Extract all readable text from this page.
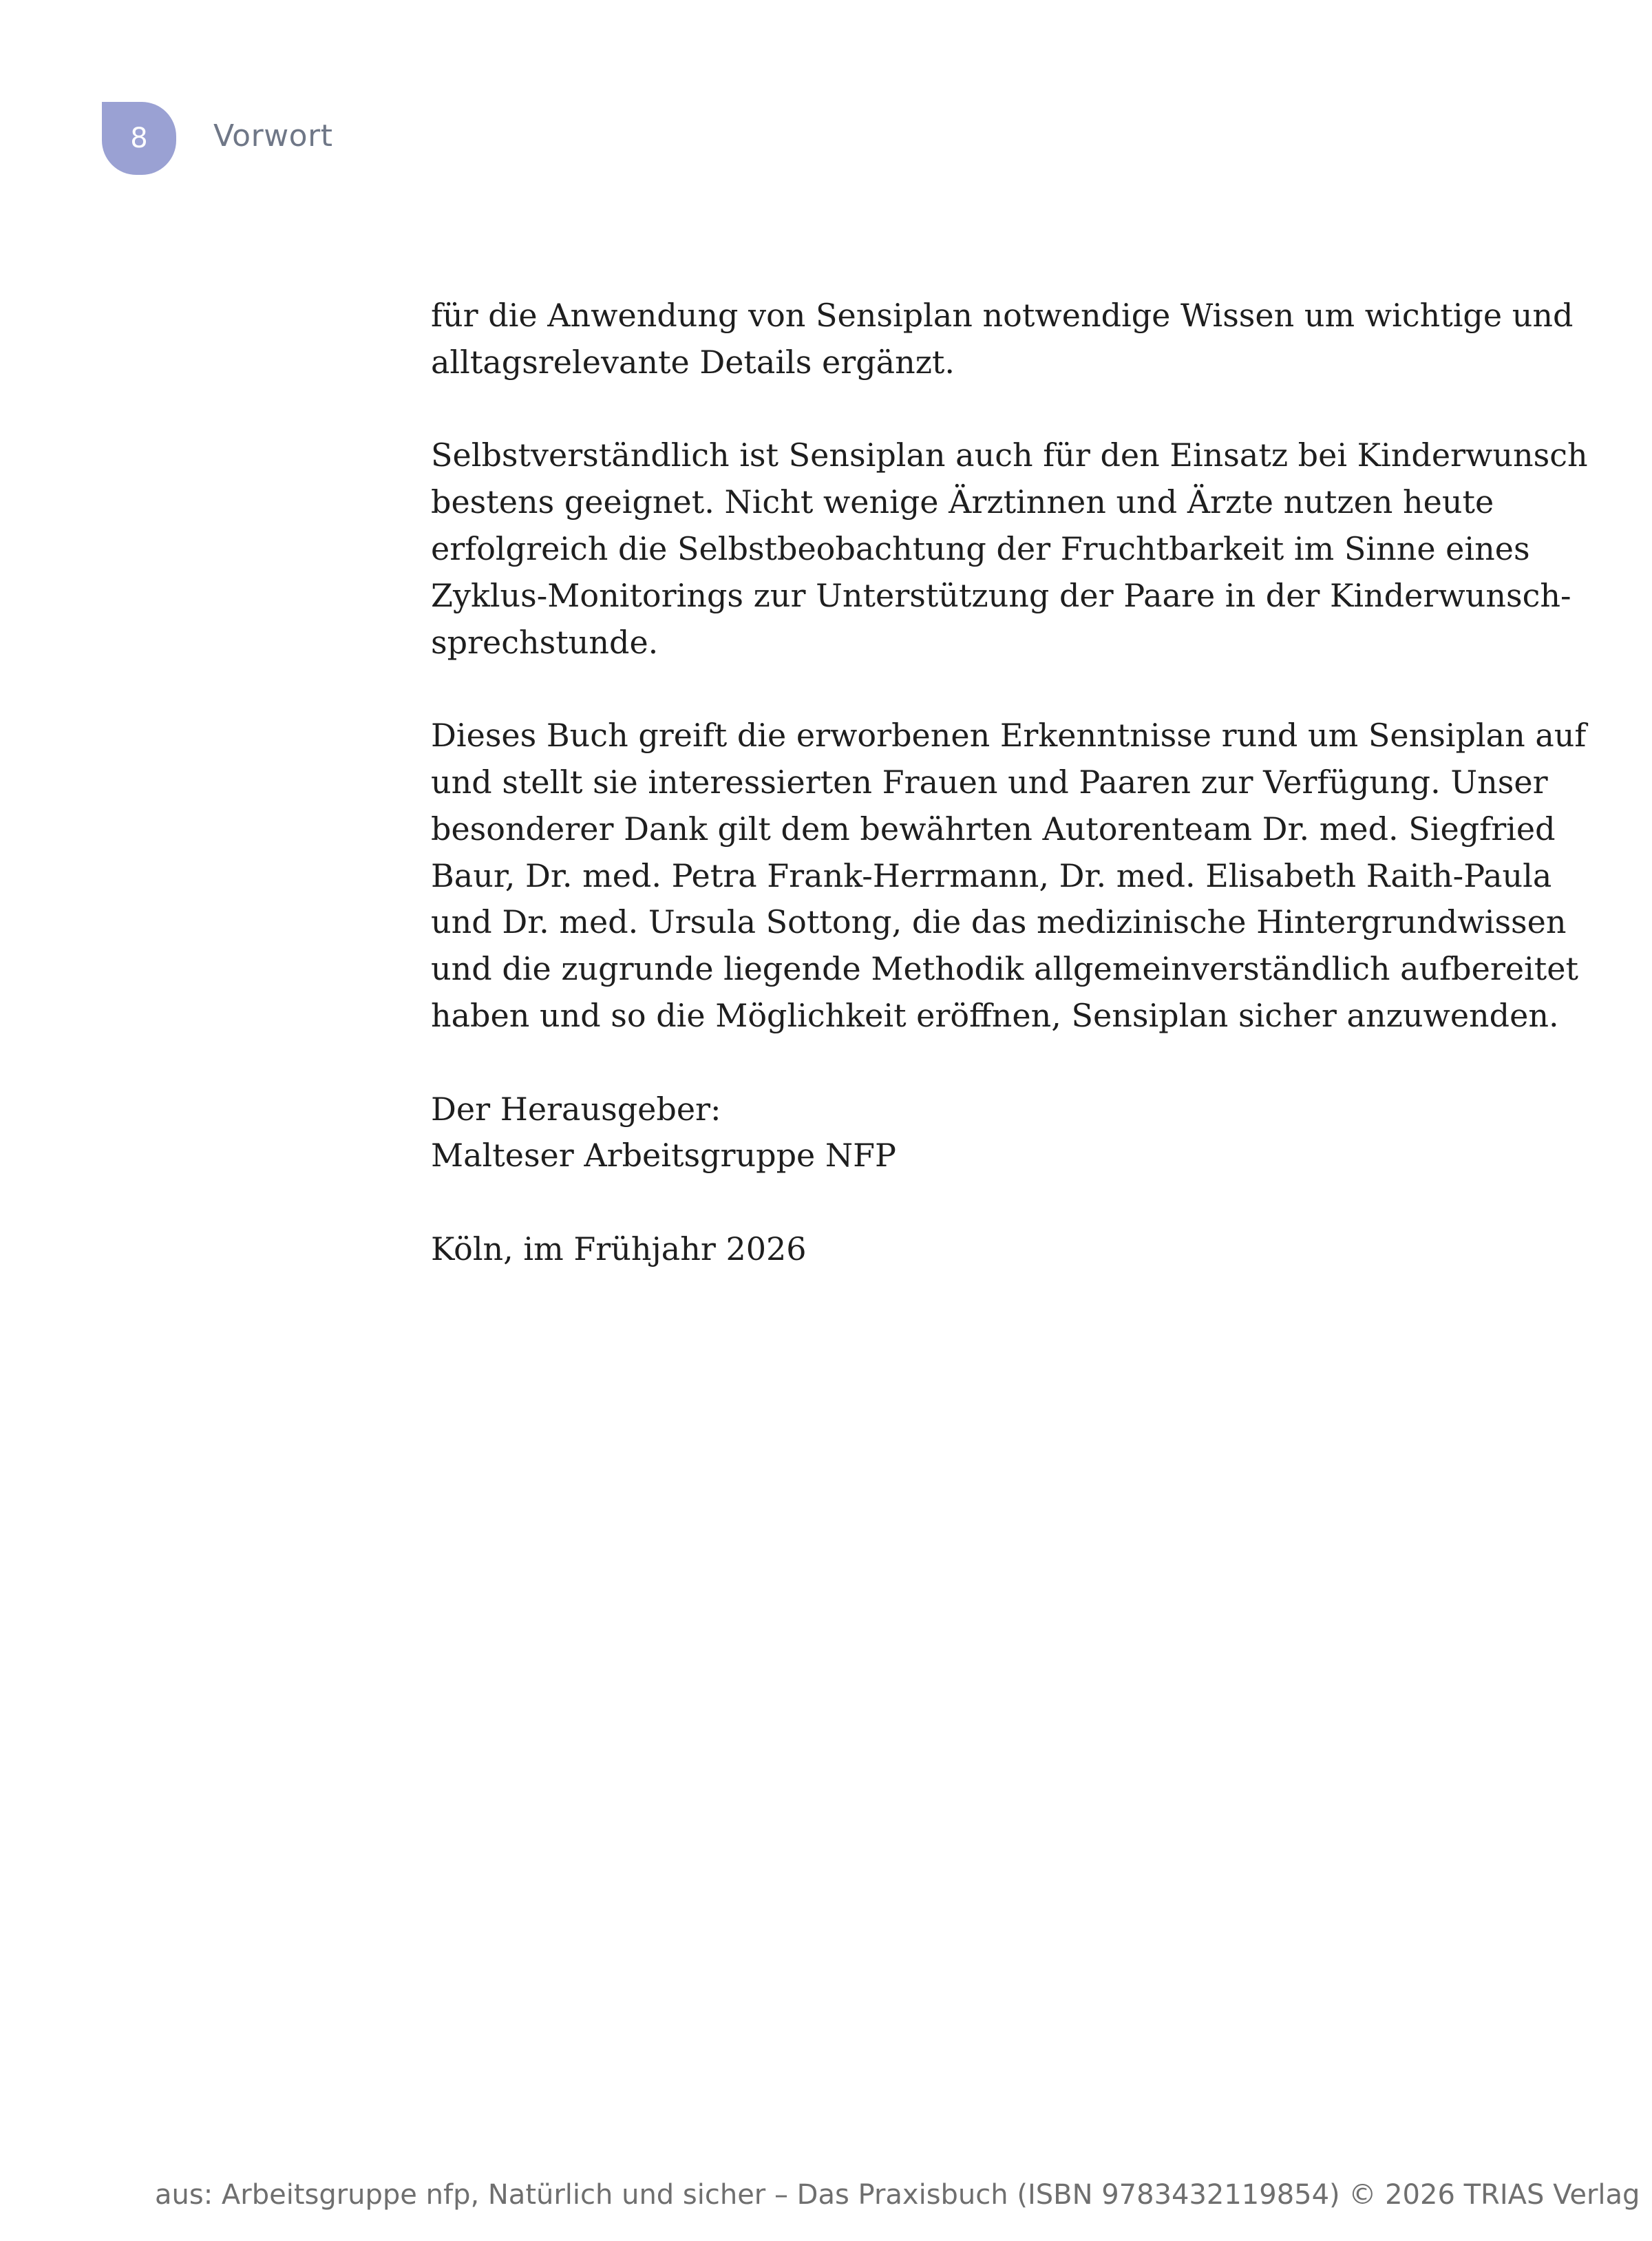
8 Vorwort

für die Anwendung von Sensiplan notwendige Wissen um wichtige und
alltagsrelevante Details ergänzt.

Selbstverständlich ist Sensiplan auch für den Einsatz bei Kinderwunsch
bestens geeignet. Nicht wenige Ärztinnen und Ärzte nutzen heute
erfolgreich die Selbstbeobachtung der Fruchtbarkeit im Sinne eines
Zyklus-Monitorings zur Unterstützung der Paare in der Kinderwunsch-
sprechstunde.

Dieses Buch greift die erworbenen Erkenntnisse rund um Sensiplan auf
und stellt sie interessierten Frauen und Paaren zur Verfügung. Unser
besonderer Dank gilt dem bewährten Autorenteam Dr. med. Siegfried
Baur, Dr. med. Petra Frank-Herrmann, Dr. med. Elisabeth Raith-Paula
und Dr. med. Ursula Sottong, die das medizinische Hintergrundwissen
und die zugrunde liegende Methodik allgemeinverständlich aufbereitet
haben und so die Möglichkeit eröffnen, Sensiplan sicher anzuwenden.

Der Herausgeber:
Malteser Arbeitsgruppe NFP

Köln, im Frühjahr 2026

aus: Arbeitsgruppe nfp, Natürlich und sicher – Das Praxisbuch (ISBN 9783432119854) © 2026 TRIAS Verlag
